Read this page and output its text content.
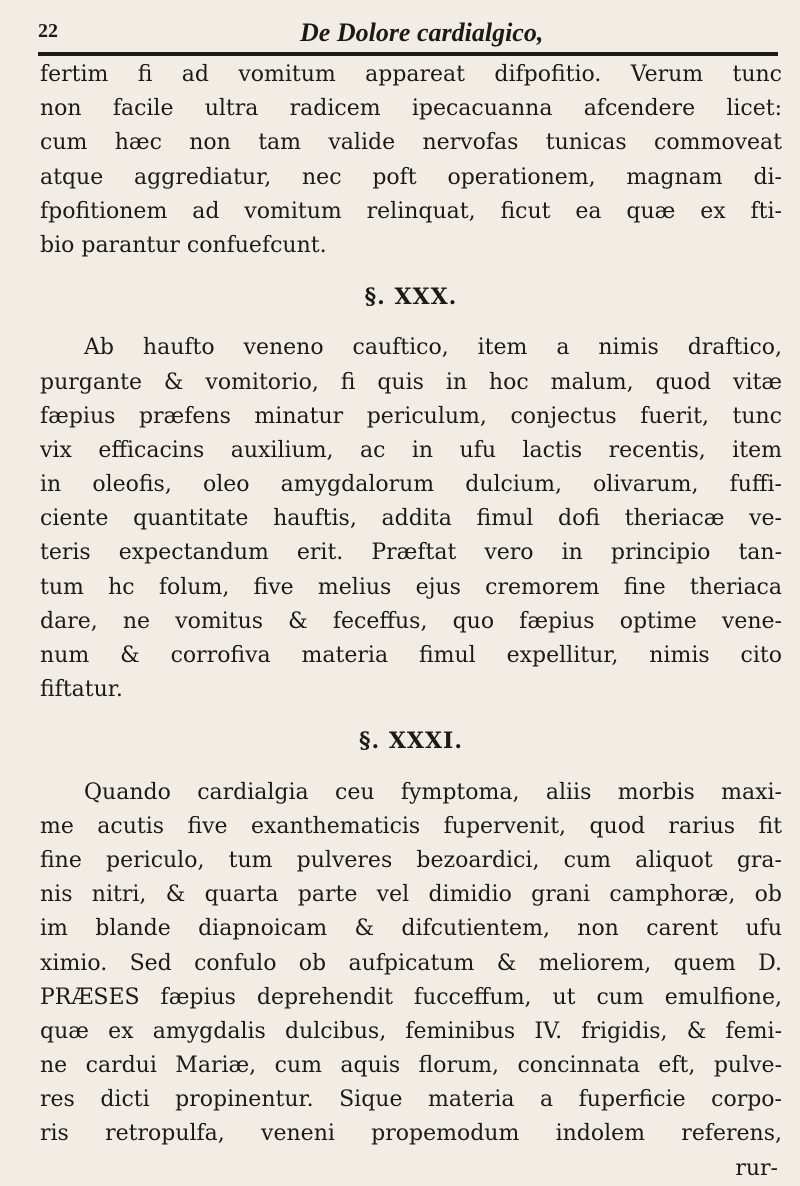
22	De Dolore cardialgico,
fertim fi ad vomitum appareat difpofitio. Verum tunc
non facile ultra radicem ipecacuanna afcendere licet:
cum hæc non tam valide nervofas tunicas commoveat
atque aggrediatur, nec poft operationem, magnam di-
fpofitionem ad vomitum relinquat, ficut ea quæ ex fti-
bio parantur confuefcunt.
§. XXX.
Ab haufto veneno cauftico, item a nimis draftico,
purgante & vomitorio, fi quis in hoc malum, quod vitæ
fæpius præfens minatur periculum, conjectus fuerit, tunc
vix efficacins auxilium, ac in ufu lactis recentis, item
in oleofis, oleo amygdalorum dulcium, olivarum, fuffi-
ciente quantitate hauftis, addita fimul dofi theriacæ ve-
teris expectandum erit. Præftat vero in principio tan-
tum hc folum, five melius ejus cremorem fine theriaca
dare, ne vomitus & feceffus, quo fæpius optime vene-
num & corrofiva materia fimul expellitur, nimis cito
fiftatur.
§. XXXI.
Quando cardialgia ceu fymptoma, aliis morbis maxi-
me acutis five exanthematicis fupervenit, quod rarius fit
fine periculo, tum pulveres bezoardici, cum aliquot gra-
nis nitri, & quarta parte vel dimidio grani camphoræ, ob
im blande diapnoicam & difcutientem, non carent ufu
ximio. Sed confulo ob aufpicatum & meliorem, quem D.
PRÆSES fæpius deprehendit fucceffum, ut cum emulfione,
quæ ex amygdalis dulcibus, feminibus IV. frigidis, & femi-
ne cardui Mariæ, cum aquis florum, concinnata eft, pulve-
res dicti propinentur. Sique materia a fuperficie corpo-
ris retropulfa, veneni propemodum indolem referens,
rur-
